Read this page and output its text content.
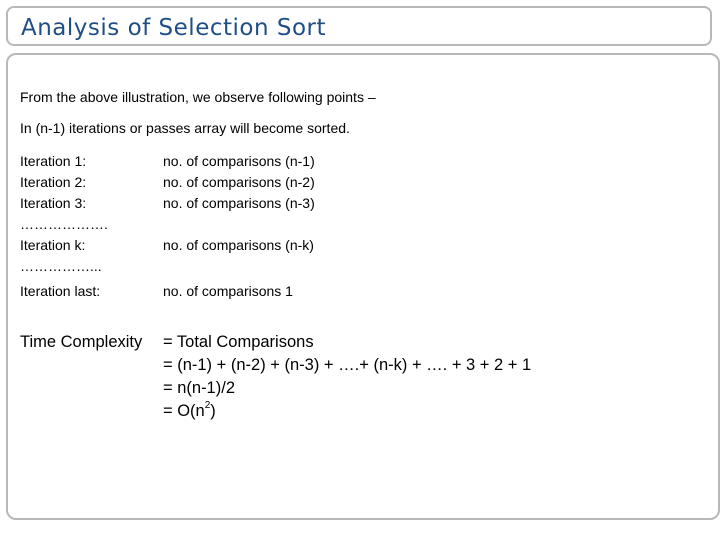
Analysis of Selection Sort
From the above illustration, we observe following points –
In (n-1) iterations or passes array will become sorted.
Iteration 1:	no. of comparisons (n-1)
Iteration 2:	no. of comparisons (n-2)
Iteration 3:	no. of comparisons (n-3)
……………….
Iteration k:	no. of comparisons (n-k)
……………...
Iteration last:	no. of comparisons 1
Time Complexity = Total Comparisons
= (n-1) + (n-2) + (n-3) + ….+ (n-k) + …. + 3 + 2 + 1
= n(n-1)/2
= $O(n^2)$
